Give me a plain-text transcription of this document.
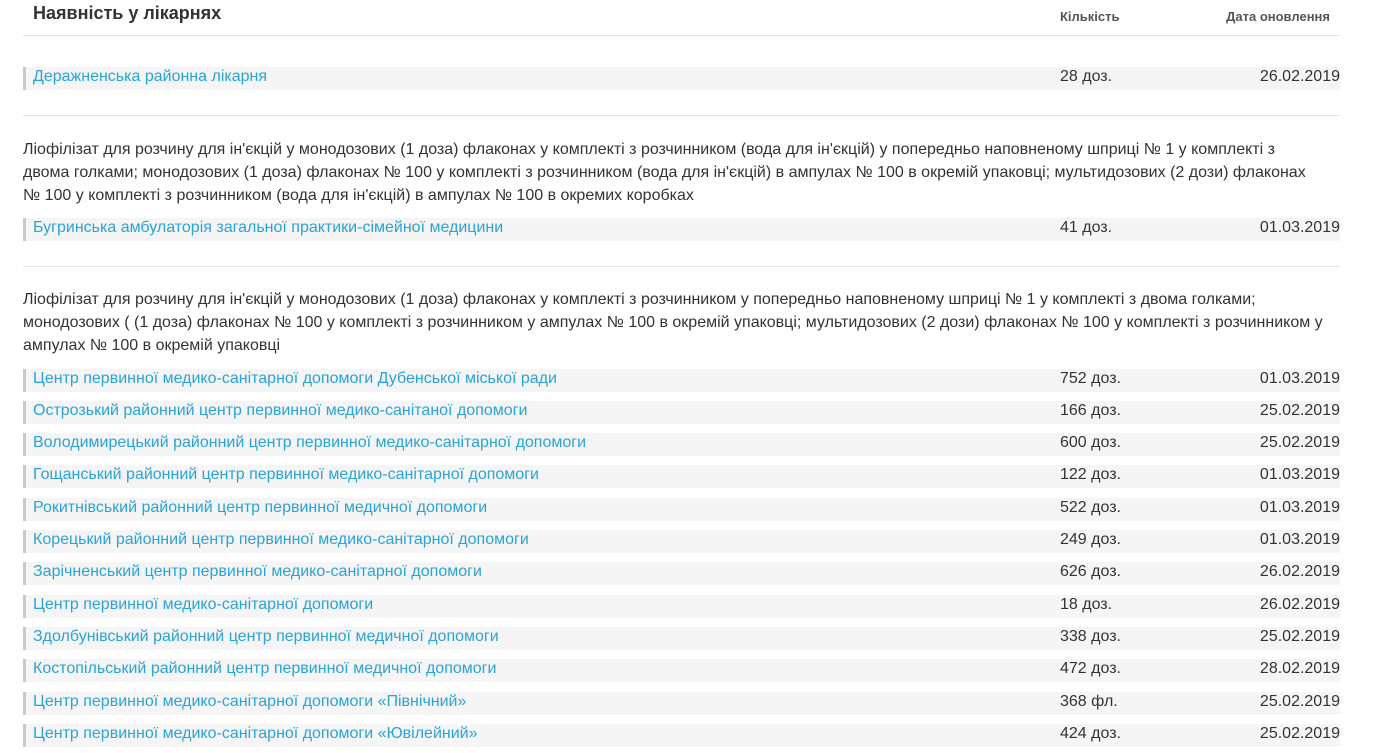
Наявність у лікарнях	Кількість	Дата оновлення
Деражненська районна лікарня	28 доз.	26.02.2019
Ліофілізат для розчину для ін'єкцій у монодозових (1 доза) флаконах у комплекті з розчинником (вода для ін'єкцій) у попередньо наповненому шприці № 1 у комплекті з двома голками; монодозових (1 доза) флаконах № 100 у комплекті з розчинником (вода для ін'єкцій) в ампулах № 100 в окремій упаковці; мультидозових (2 дози) флаконах № 100 у комплекті з розчинником (вода для ін'єкцій) в ампулах № 100 в окремих коробках
Бугринська амбулаторія загальної практики-сімейної медицини	41 доз.	01.03.2019
Ліофілізат для розчину для ін'єкцій у монодозових (1 доза) флаконах у комплекті з розчинником у попередньо наповненому шприці № 1 у комплекті з двома голками; монодозових ( (1 доза) флаконах № 100 у комплекті з розчинником у ампулах № 100 в окремій упаковці; мультидозових (2 дози) флаконах № 100 у комплекті з розчинником у ампулах № 100 в окремій упаковці
Центр первинної медико-санітарної допомоги Дубенської міської ради	752 доз.	01.03.2019
Острозький районний центр первинної медико-санітаної допомоги	166 доз.	25.02.2019
Володимирецький районний центр первинної медико-санітарної допомоги	600 доз.	25.02.2019
Гощанський районний центр первинної медико-санітарної допомоги	122 доз.	01.03.2019
Рокитнівський районний центр первинної медичної допомоги	522 доз.	01.03.2019
Корецький районний центр первинної медико-санітарної допомоги	249 доз.	01.03.2019
Зарічненський центр первинної медико-санітарної допомоги	626 доз.	26.02.2019
Центр первинної медико-санітарної допомоги	18 доз.	26.02.2019
Здолбунівський районний центр первинної медичної допомоги	338 доз.	25.02.2019
Костопільський районний центр первинної медичної допомоги	472 доз.	28.02.2019
Центр первинної медико-санітарної допомоги «Північний»	368 фл.	25.02.2019
Центр первинної медико-санітарної допомоги «Ювілейний»	424 доз.	25.02.2019
